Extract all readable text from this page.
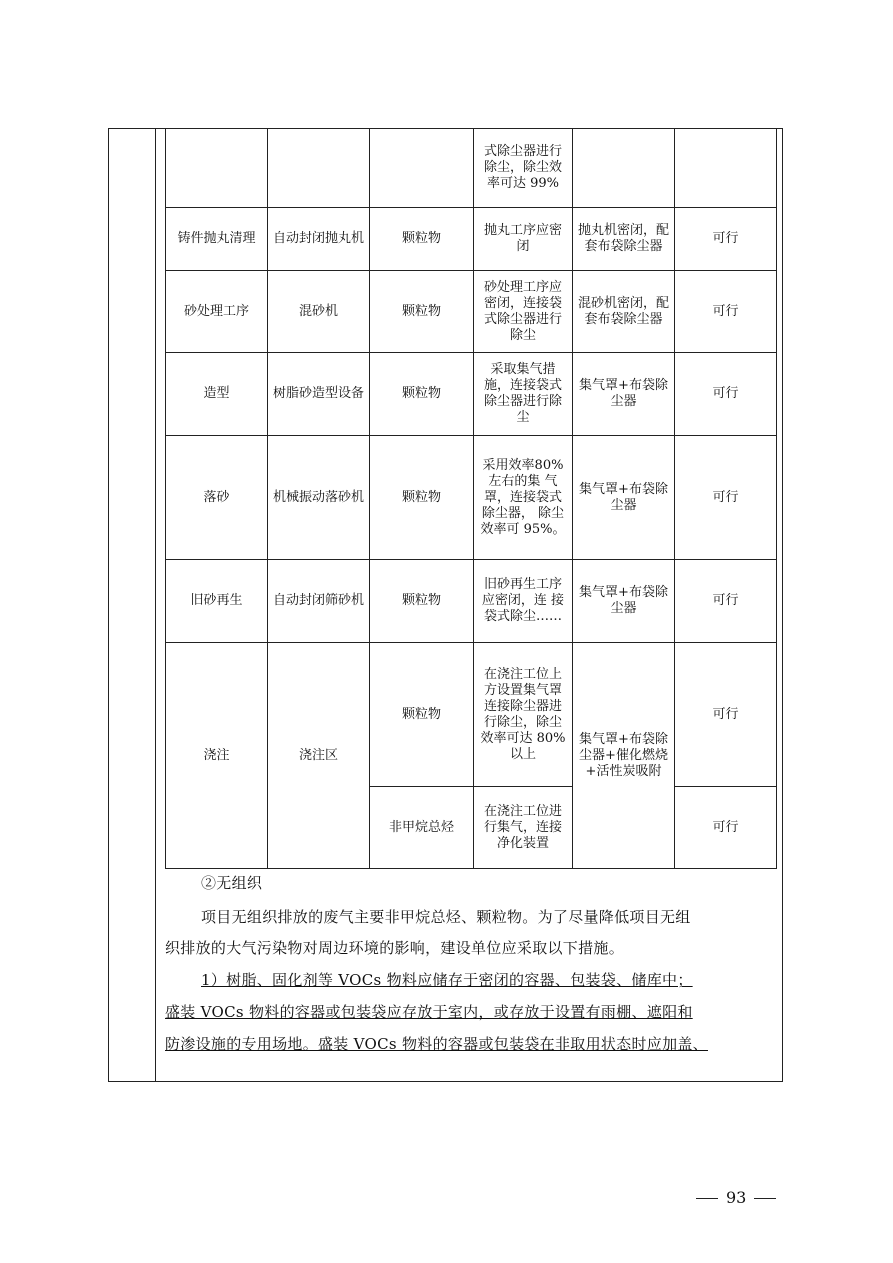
			式除尘器进行除尘，除尘效率可达 99%		
铸件抛丸清理	自动封闭抛丸机	颗粒物	抛丸工序应密闭	抛丸机密闭，配套布袋除尘器	可行
砂处理工序	混砂机	颗粒物	砂处理工序应密闭，连接袋式除尘器进行除尘	混砂机密闭，配套布袋除尘器	可行
造型	树脂砂造型设备	颗粒物	采取集气措施，连接袋式除尘器进行除尘	集气罩+布袋除尘器	可行
落砂	机械振动落砂机	颗粒物	采用效率80%左右的集 气罩，连接袋式除尘器， 除尘效率可 95%。	集气罩+布袋除尘器	可行
旧砂再生	自动封闭筛砂机	颗粒物	旧砂再生工序应密闭，连 接袋式除尘……	集气罩+布袋除尘器	可行
浇注	浇注区	颗粒物	在浇注工位上方设置集气罩连接除尘器进行除尘，除尘效率可达 80% 以上	集气罩+布袋除尘器+催化燃烧+活性炭吸附	可行
		非甲烷总烃	在浇注工位进行集气，连接净化装置		可行
②无组织
项目无组织排放的废气主要非甲烷总烃、颗粒物。为了尽量降低项目无组
织排放的大气污染物对周边环境的影响，建设单位应采取以下措施。
1）树脂、固化剂等 VOCs 物料应储存于密闭的容器、包装袋、储库中；
盛装 VOCs 物料的容器或包装袋应存放于室内，或存放于设置有雨棚、遮阳和
防渗设施的专用场地。盛装 VOCs 物料的容器或包装袋在非取用状态时应加盖、
93
